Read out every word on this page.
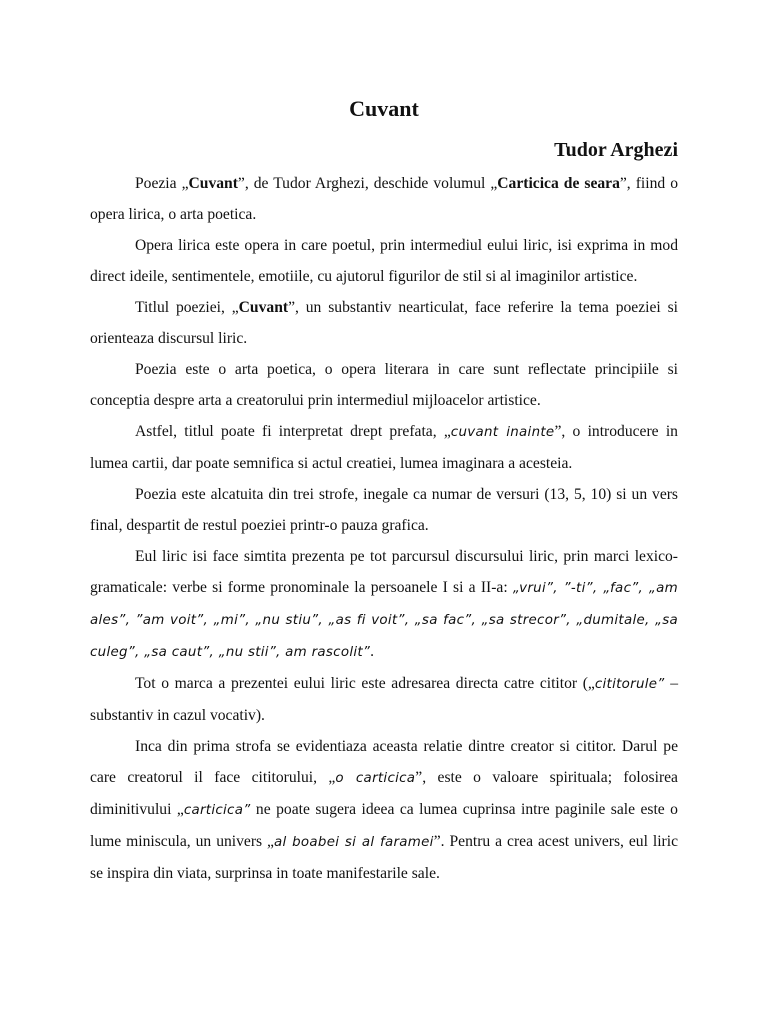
Cuvant
Tudor Arghezi

Poezia „Cuvant”, de Tudor Arghezi, deschide volumul „Carticica de seara”, fiind o opera lirica, o arta poetica.

Opera lirica este opera in care poetul, prin intermediul eului liric, isi exprima in mod direct ideile, sentimentele, emotiile, cu ajutorul figurilor de stil si al imaginilor artistice.

Titlul poeziei, „Cuvant”, un substantiv nearticulat, face referire la tema poeziei si orienteaza discursul liric.

Poezia este o arta poetica, o opera literara in care sunt reflectate principiile si conceptia despre arta a creatorului prin intermediul mijloacelor artistice.

Astfel, titlul poate fi interpretat drept prefata, „cuvant inainte”, o introducere in lumea cartii, dar poate semnifica si actul creatiei, lumea imaginara a acesteia.

Poezia este alcatuita din trei strofe, inegale ca numar de versuri (13, 5, 10) si un vers final, despartit de restul poeziei printr-o pauza grafica.

Eul liric isi face simtita prezenta pe tot parcursul discursului liric, prin marci lexico-gramaticale: verbe si forme pronominale la persoanele I si a II-a: „vrui”, ”-ti”, „fac”, „am ales”, ”am voit”, „mi”, „nu stiu”, „as fi voit”, „sa fac”, „sa strecor”, „dumitale, „sa culeg”, „sa caut”, „nu stii”, am rascolit”.

Tot o marca a prezentei eului liric este adresarea directa catre cititor („cititorule” – substantiv in cazul vocativ).

Inca din prima strofa se evidentiaza aceasta relatie dintre creator si cititor. Darul pe care creatorul il face cititorului, „o carticica”, este o valoare spirituala; folosirea diminitivului „carticica” ne poate sugera ideea ca lumea cuprinsa intre paginile sale este o lume miniscula, un univers „al boabei si al faramei”. Pentru a crea acest univers, eul liric se inspira din viata, surprinsa in toate manifestarile sale.
